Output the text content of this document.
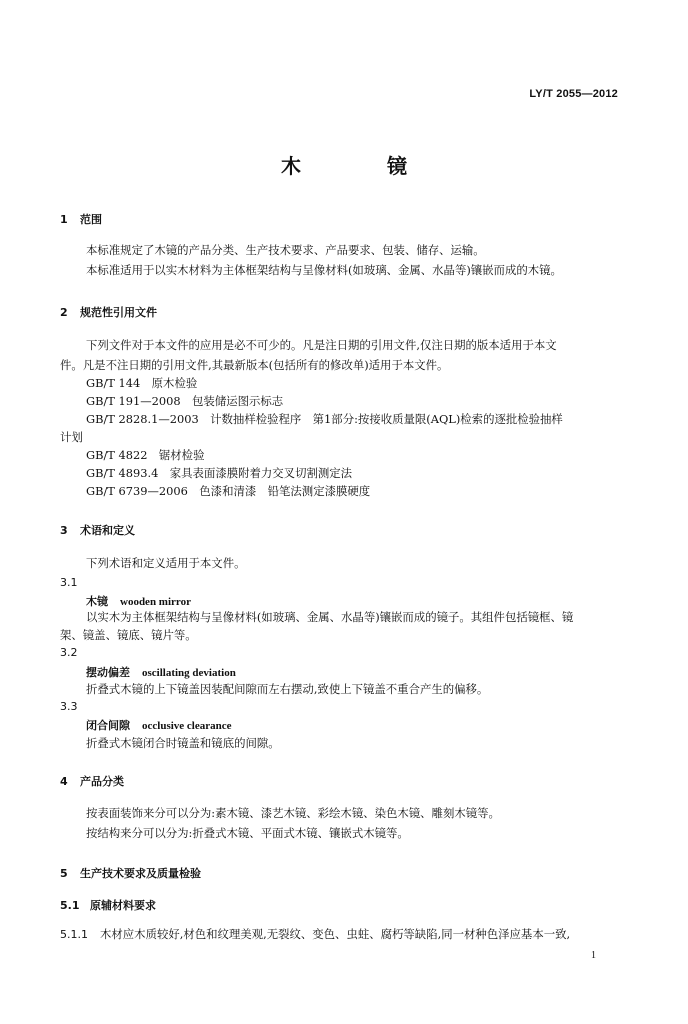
LY/T 2055—2012
木镜
1 范围
本标准规定了木镜的产品分类、生产技术要求、产品要求、包装、储存、运输。
本标准适用于以实木材料为主体框架结构与呈像材料(如玻璃、金属、水晶等)镶嵌而成的木镜。
2 规范性引用文件
下列文件对于本文件的应用是必不可少的。凡是注日期的引用文件,仅注日期的版本适用于本文
件。凡是不注日期的引用文件,其最新版本(包括所有的修改单)适用于本文件。
GB/T 144　原木检验
GB/T 191—2008　包装储运图示标志
GB/T 2828.1—2003　计数抽样检验程序　第1部分:按接收质量限(AQL)检索的逐批检验抽样
计划
GB/T 4822　锯材检验
GB/T 4893.4　家具表面漆膜附着力交叉切割测定法
GB/T 6739—2006　色漆和清漆　铅笔法测定漆膜硬度
3 术语和定义
下列术语和定义适用于本文件。
3.1
木镜 wooden mirror
以实木为主体框架结构与呈像材料(如玻璃、金属、水晶等)镶嵌而成的镜子。其组件包括镜框、镜
架、镜盖、镜底、镜片等。
3.2
摆动偏差 oscillating deviation
折叠式木镜的上下镜盖因装配间隙而左右摆动,致使上下镜盖不重合产生的偏移。
3.3
闭合间隙 occlusive clearance
折叠式木镜闭合时镜盖和镜底的间隙。
4 产品分类
按表面装饰来分可以分为:素木镜、漆艺木镜、彩绘木镜、染色木镜、雕刻木镜等。
按结构来分可以分为:折叠式木镜、平面式木镜、镶嵌式木镜等。
5 生产技术要求及质量检验
5.1 原辅材料要求
5.1.1 木材应木质较好,材色和纹理美观,无裂纹、变色、虫蛀、腐朽等缺陷,同一材种色泽应基本一致,
1
